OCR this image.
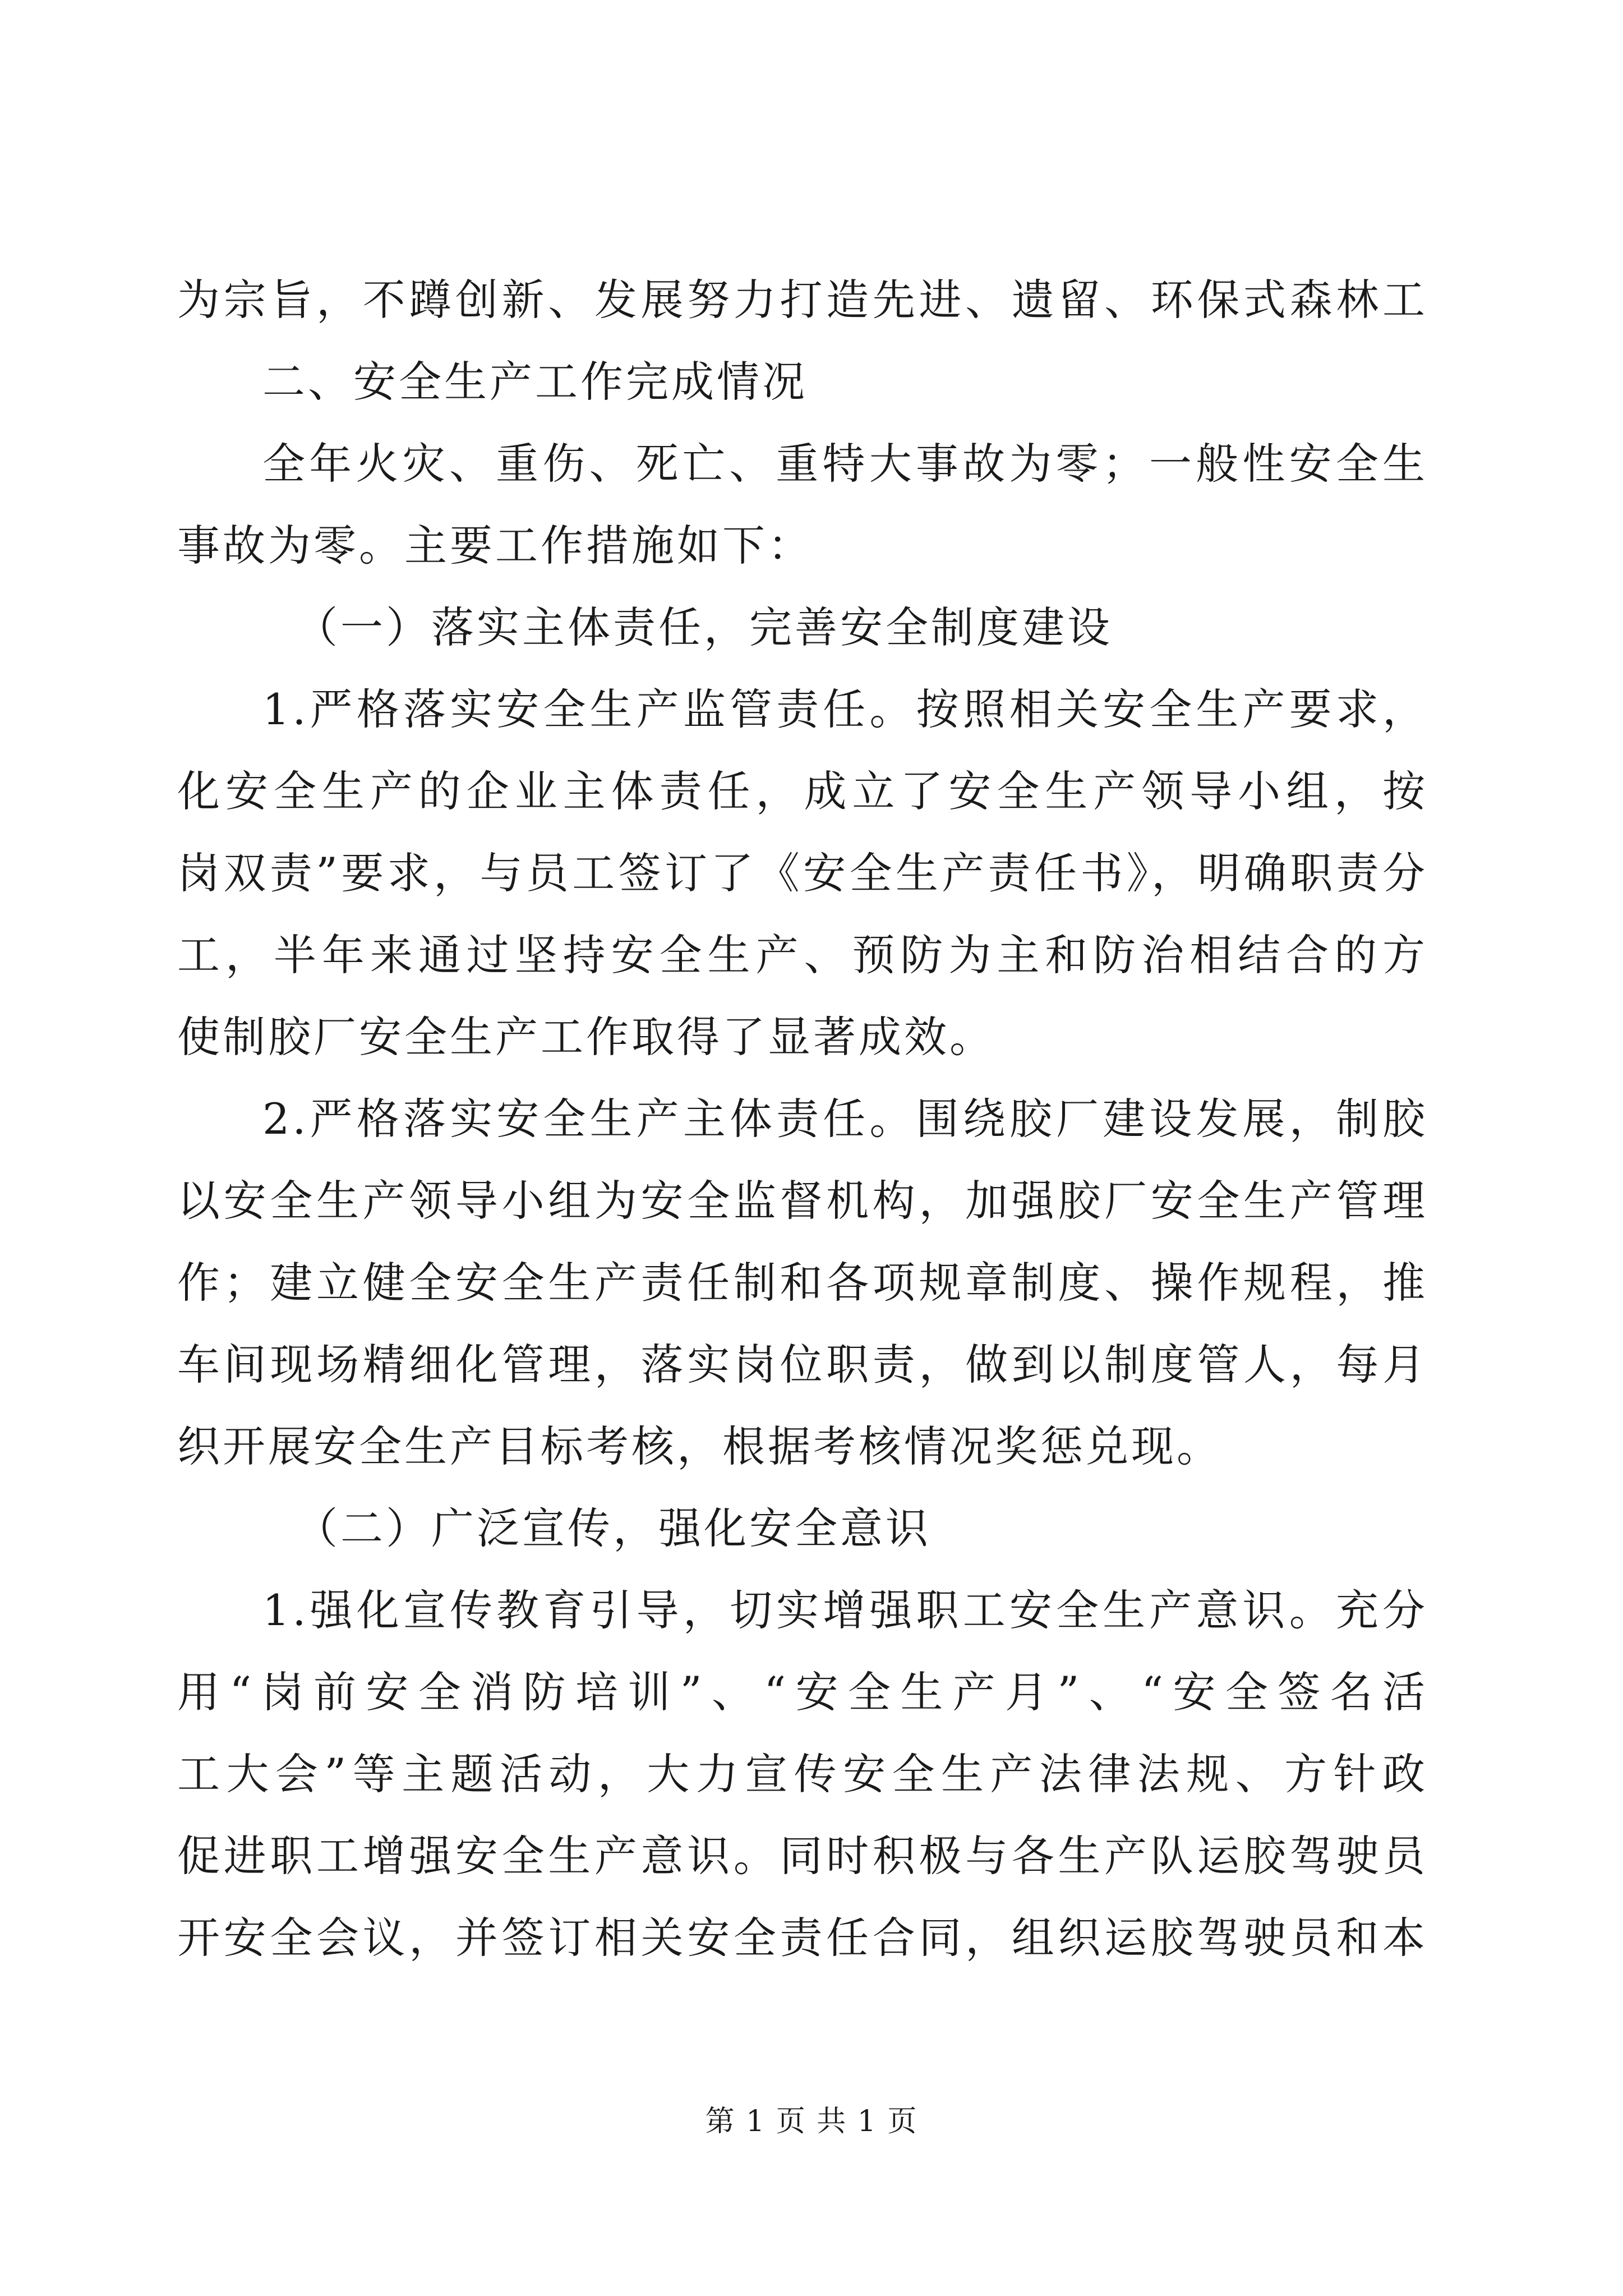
为宗旨，不蹲创新、发展努力打造先进、遗留、环保式森林工
二、安全生产工作完成情况
全年火灾、重伤、死亡、重特大事故为零；一般性安全生
事故为零。主要工作措施如下：
（一）落实主体责任，完善安全制度建设
1.严格落实安全生产监管责任。按照相关安全生产要求，
化安全生产的企业主体责任，成立了安全生产领导小组，按
岗双责”要求，与员工签订了《安全生产责任书》，明确职责分
工，半年来通过坚持安全生产、预防为主和防治相结合的方
使制胶厂安全生产工作取得了显著成效。
2.严格落实安全生产主体责任。围绕胶厂建设发展，制胶
以安全生产领导小组为安全监督机构，加强胶厂安全生产管理
作；建立健全安全生产责任制和各项规章制度、操作规程，推
车间现场精细化管理，落实岗位职责，做到以制度管人，每月
织开展安全生产目标考核，根据考核情况奖惩兑现。
（二）广泛宣传，强化安全意识
1.强化宣传教育引导，切实增强职工安全生产意识。充分
用“岗前安全消防培训”、“安全生产月”、“安全签名活
工大会”等主题活动，大力宣传安全生产法律法规、方针政
促进职工增强安全生产意识。同时积极与各生产队运胶驾驶员
开安全会议，并签订相关安全责任合同，组织运胶驾驶员和本
第 1 页 共 1 页
